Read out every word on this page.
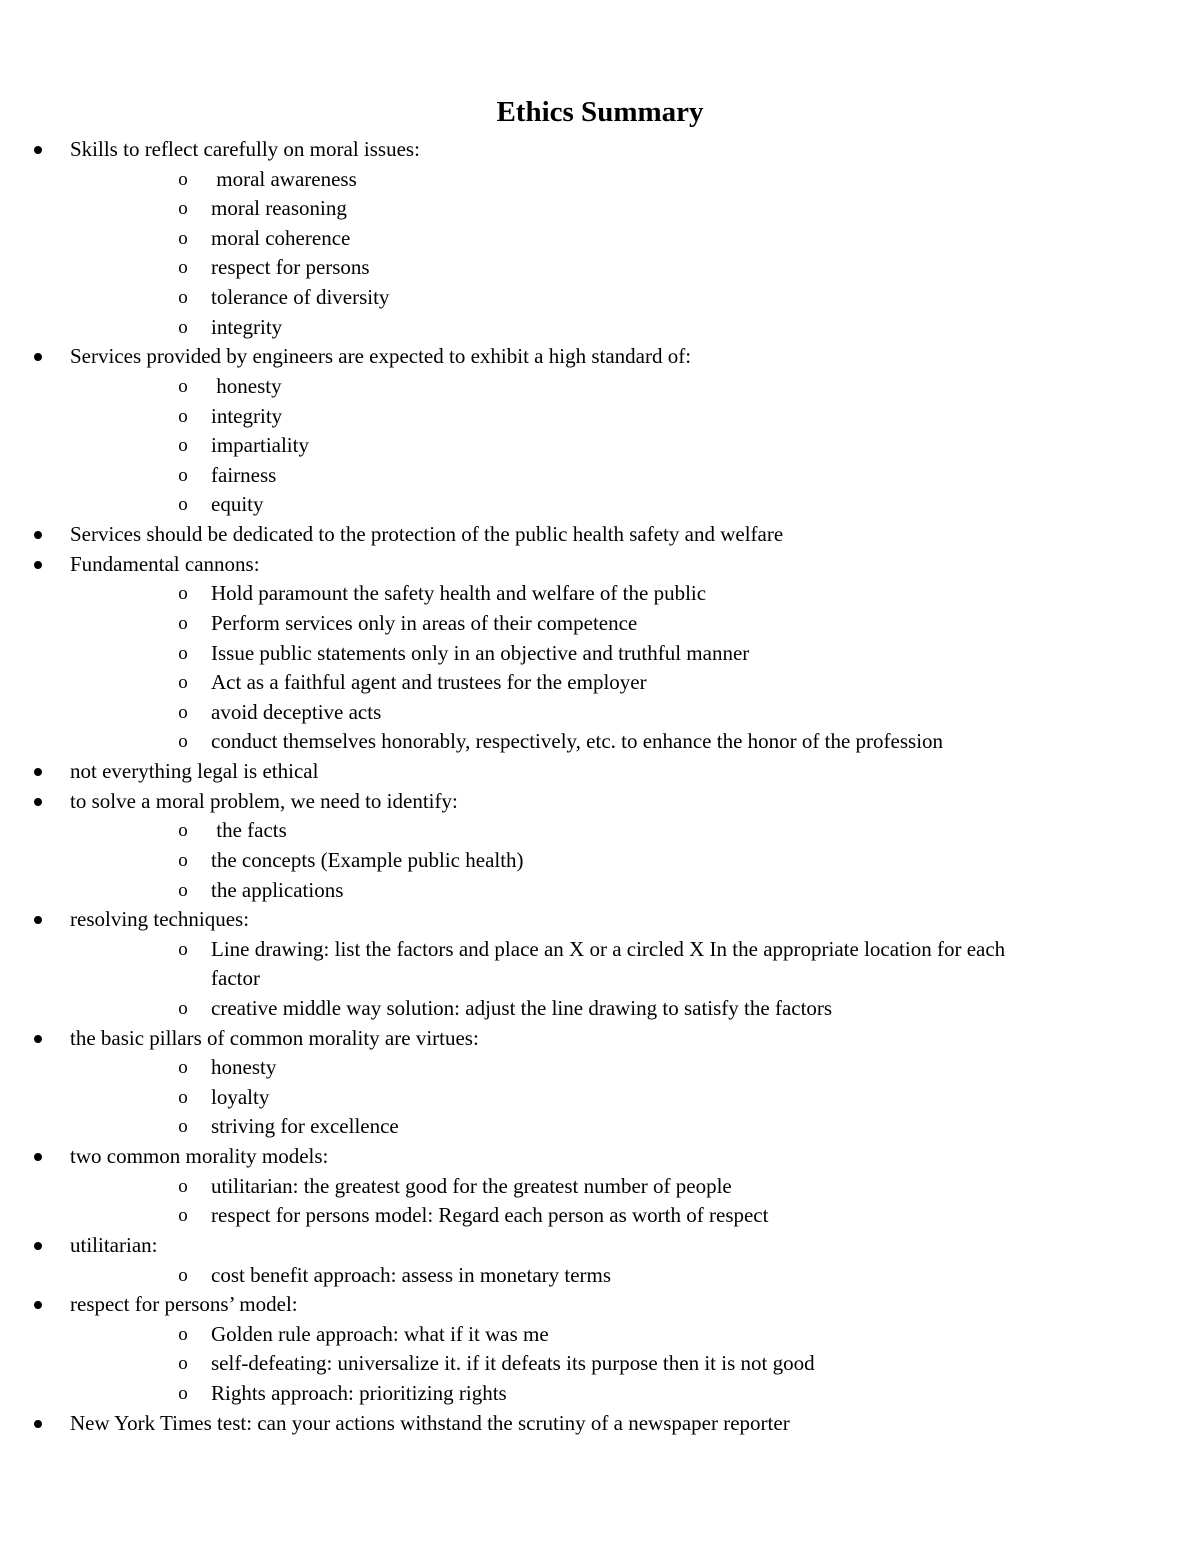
Ethics Summary
Skills to reflect carefully on moral issues:
o
moral awareness
o
moral reasoning
o
moral coherence
o
respect for persons
o
tolerance of diversity
o
integrity
Services provided by engineers are expected to exhibit a high standard of:
o
honesty
o
integrity
o
impartiality
o
fairness
o
equity
Services should be dedicated to the protection of the public health safety and welfare
Fundamental cannons:
o
Hold paramount the safety health and welfare of the public
o
Perform services only in areas of their competence
o
Issue public statements only in an objective and truthful manner
o
Act as a faithful agent and trustees for the employer
o
avoid deceptive acts
o
conduct themselves honorably, respectively, etc. to enhance the honor of the profession
not everything legal is ethical
to solve a moral problem, we need to identify:
o
the facts
o
the concepts (Example public health)
o
the applications
resolving techniques:
o
Line drawing: list the factors and place an X or a circled X In the appropriate location for each
factor
o
creative middle way solution: adjust the line drawing to satisfy the factors
the basic pillars of common morality are virtues:
o
honesty
o
loyalty
o
striving for excellence
two common morality models:
o
utilitarian: the greatest good for the greatest number of people
o
respect for persons model: Regard each person as worth of respect
utilitarian:
o
cost benefit approach: assess in monetary terms
respect for persons’ model:
o
Golden rule approach: what if it was me
o
self-defeating: universalize it. if it defeats its purpose then it is not good
o
Rights approach: prioritizing rights
New York Times test: can your actions withstand the scrutiny of a newspaper reporter
